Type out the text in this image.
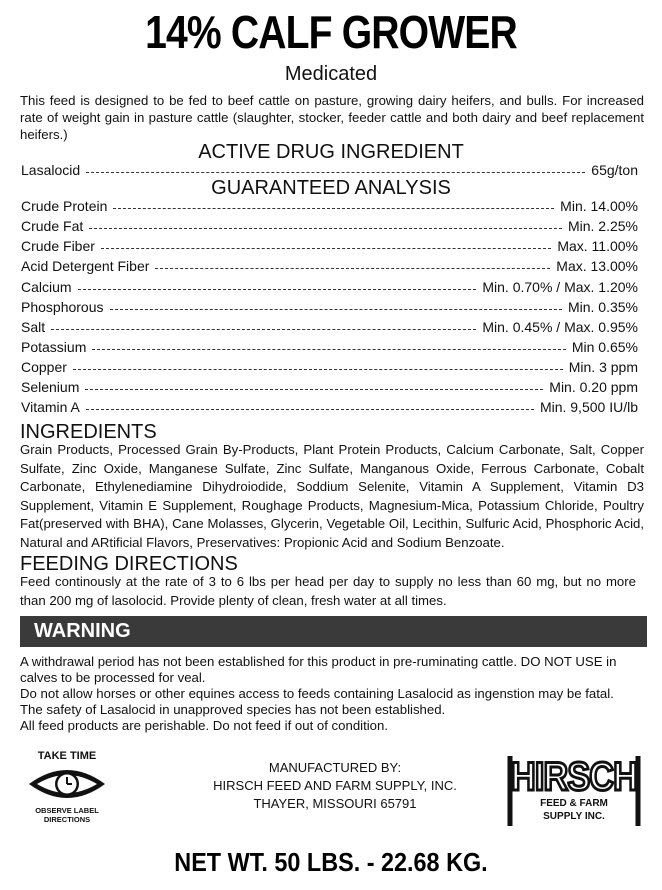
14% CALF GROWER
Medicated
This feed is designed to be fed to beef cattle on pasture, growing dairy heifers, and bulls. For increased rate of weight gain in pasture cattle (slaughter, stocker, feeder cattle and both dairy and beef replacement heifers.)
ACTIVE DRUG INGREDIENT
Lasalocid	65g/ton
GUARANTEED ANALYSIS
Crude Protein	Min. 14.00%
Crude Fat	Min. 2.25%
Crude Fiber	Max. 11.00%
Acid Detergent Fiber	Max. 13.00%
Calcium	Min. 0.70% / Max. 1.20%
Phosphorous	Min. 0.35%
Salt	Min. 0.45% / Max. 0.95%
Potassium	Min 0.65%
Copper	Min. 3 ppm
Selenium	Min. 0.20 ppm
Vitamin A	Min. 9,500 IU/lb
INGREDIENTS
Grain Products, Processed Grain By-Products, Plant Protein Products, Calcium Carbonate, Salt, Copper Sulfate, Zinc Oxide, Manganese Sulfate, Zinc Sulfate, Manganous Oxide, Ferrous Carbonate, Cobalt Carbonate, Ethylenediamine Dihydroiodide, Soddium Selenite, Vitamin A Supplement, Vitamin D3 Supplement, Vitamin E Supplement, Roughage Products, Magnesium-Mica, Potassium Chloride, Poultry Fat(preserved with BHA), Cane Molasses, Glycerin, Vegetable Oil, Lecithin, Sulfuric Acid, Phosphoric Acid, Natural and ARtificial Flavors, Preservatives: Propionic Acid and Sodium Benzoate.
FEEDING DIRECTIONS
Feed continously at the rate of 3 to 6 lbs per head per day to supply no less than 60 mg, but no more than 200 mg of lasolocid. Provide plenty of clean, fresh water at all times.
WARNING

A withdrawal period has not been established for this product in pre-ruminating cattle. DO NOT USE in calves to be processed for veal.

Do not allow horses or other equines access to feeds containing Lasalocid as ingenstion may be fatal.

The safety of Lasalocid in unapproved species has not been established.

All feed products are perishable. Do not feed if out of condition.

TAKE TIME
OBSERVE LABEL
DIRECTIONS
MANUFACTURED BY:
HIRSCH FEED AND FARM SUPPLY, INC.
THAYER, MISSOURI 65791
HIRSCH
FEED & FARM
SUPPLY INC.
NET WT. 50 LBS. - 22.68 KG.
